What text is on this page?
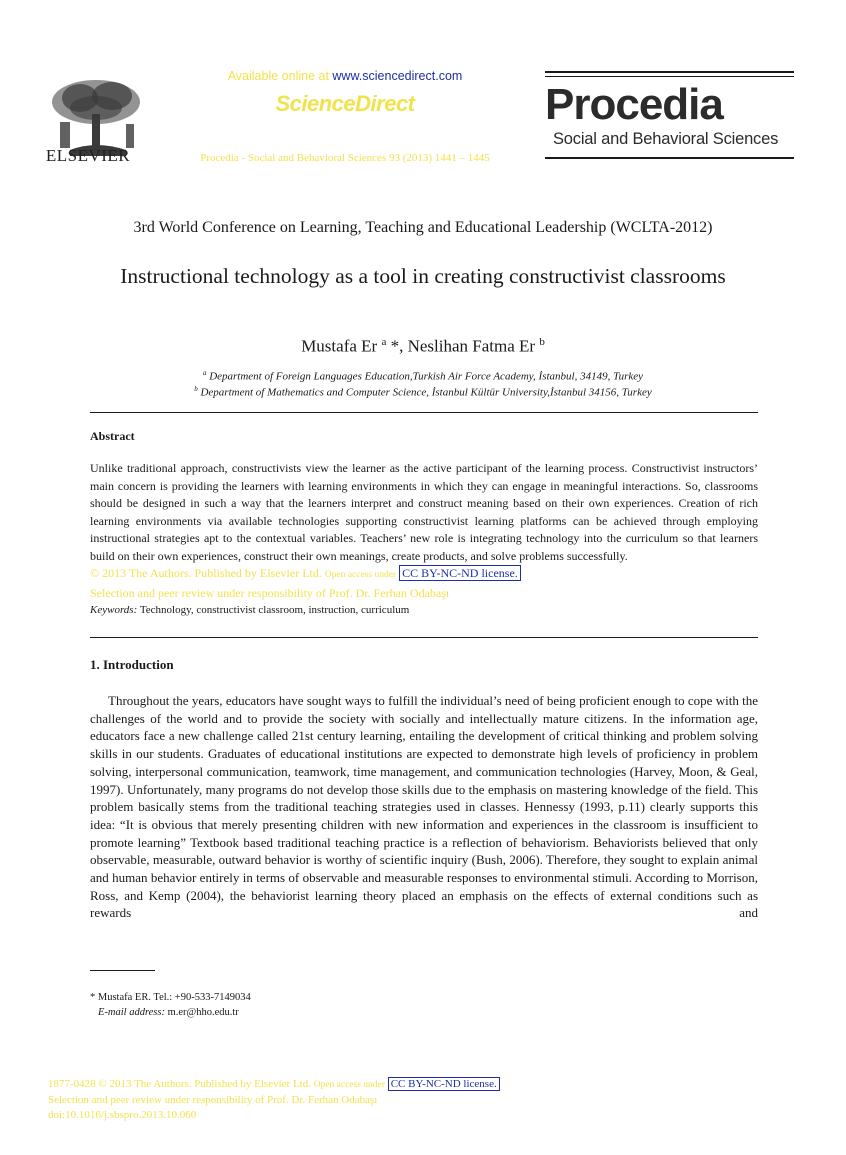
ELSEVIER
Available online at www.sciencedirect.com
ScienceDirect
Procedia - Social and Behavioral Sciences 93 (2013) 1441 – 1445
Procedia
Social and Behavioral Sciences
3rd World Conference on Learning, Teaching and Educational Leadership (WCLTA-2012)
Instructional technology as a tool in creating constructivist classrooms
Mustafa Er $^a$ *, Neslihan Fatma Er $^b$
$^a$ Department of Foreign Languages Education,Turkish Air Force Academy, İstanbul, 34149, Turkey
$^b$ Department of Mathematics and Computer Science, İstanbul Kültür University,İstanbul 34156, Turkey
Abstract
Unlike traditional approach, constructivists view the learner as the active participant of the learning process. Constructivist instructors’ main concern is providing the learners with learning environments in which they can engage in meaningful interactions. So, classrooms should be designed in such a way that the learners interpret and construct meaning based on their own experiences. Creation of rich learning environments via available technologies supporting constructivist learning platforms can be achieved through employing instructional strategies apt to the contextual variables. Teachers’ new role is integrating technology into the curriculum so that learners build on their own experiences, construct their own meanings, create products, and solve problems successfully.
© 2013 The Authors. Published by Elsevier Ltd. Open access under CC BY-NC-ND license.
Selection and peer review under responsibility of Prof. Dr. Ferhan Odabaşı
Keywords: Technology, constructivist classroom, instruction, curriculum
1. Introduction
Throughout the years, educators have sought ways to fulfill the individual’s need of being proficient enough to cope with the challenges of the world and to provide the society with socially and intellectually mature citizens. In the information age, educators face a new challenge called 21st century learning, entailing the development of critical thinking and problem solving skills in our students. Graduates of educational institutions are expected to demonstrate high levels of proficiency in problem solving, interpersonal communication, teamwork, time management, and communication technologies (Harvey, Moon, & Geal, 1997). Unfortunately, many programs do not develop those skills due to the emphasis on mastering knowledge of the field. This problem basically stems from the traditional teaching strategies used in classes. Hennessy (1993, p.11) clearly supports this idea: “It is obvious that merely presenting children with new information and experiences in the classroom is insufficient to promote learning” Textbook based traditional teaching practice is a reflection of behaviorism. Behaviorists believed that only observable, measurable, outward behavior is worthy of scientific inquiry (Bush, 2006). Therefore, they sought to explain animal and human behavior entirely in terms of observable and measurable responses to environmental stimuli. According to Morrison, Ross, and Kemp (2004), the behaviorist learning theory placed an emphasis on the effects of external conditions such as rewards and
* Mustafa ER. Tel.: +90-533-7149034
E-mail address: m.er@hho.edu.tr
1877-0428 © 2013 The Authors. Published by Elsevier Ltd. Open access under CC BY-NC-ND license.
Selection and peer review under responsibility of Prof. Dr. Ferhan Odabaşı
doi:10.1016/j.sbspro.2013.10.060
